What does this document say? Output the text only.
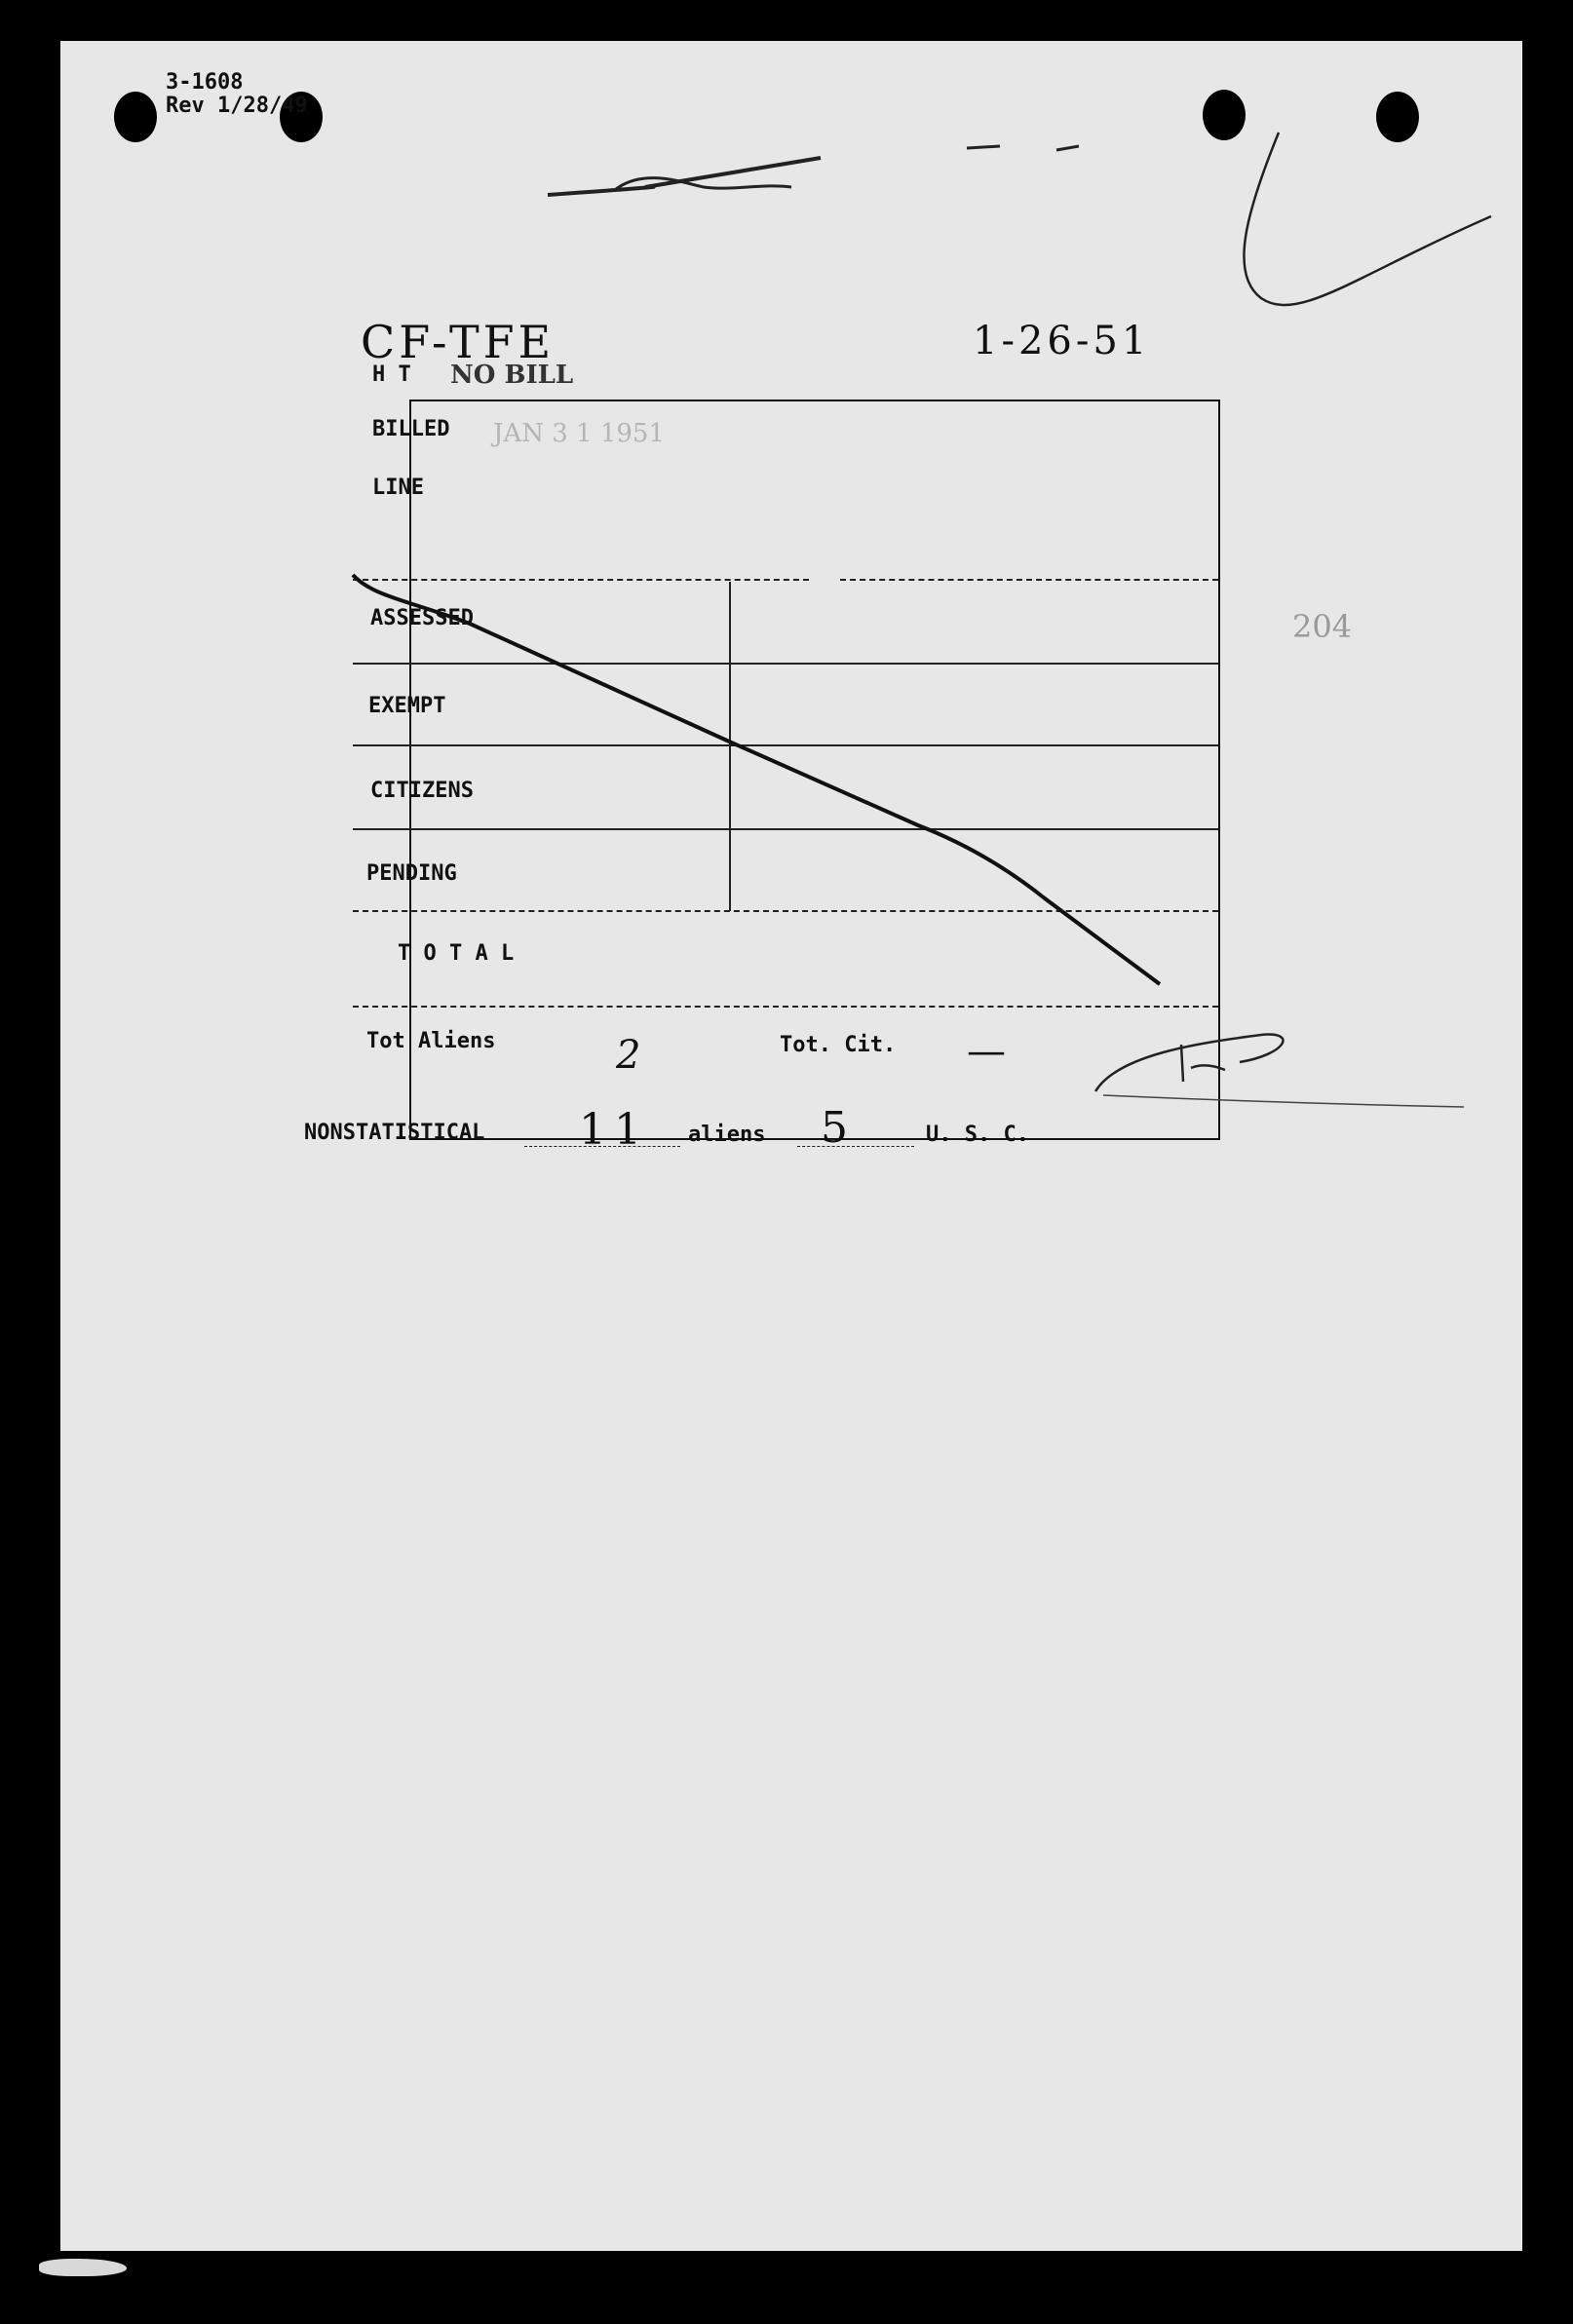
3-1608
Rev 1/28/49
CF-TFE	1-26-51
204
H T NO BILL
BILLED JAN 3 1 1951
LINE
ASSESSED
EXEMPT
CITIZENS
PENDING
T O T A L
Tot Aliens	2	Tot. Cit. —
NONSTATISTICAL 11 aliens 5	U. S. C.
